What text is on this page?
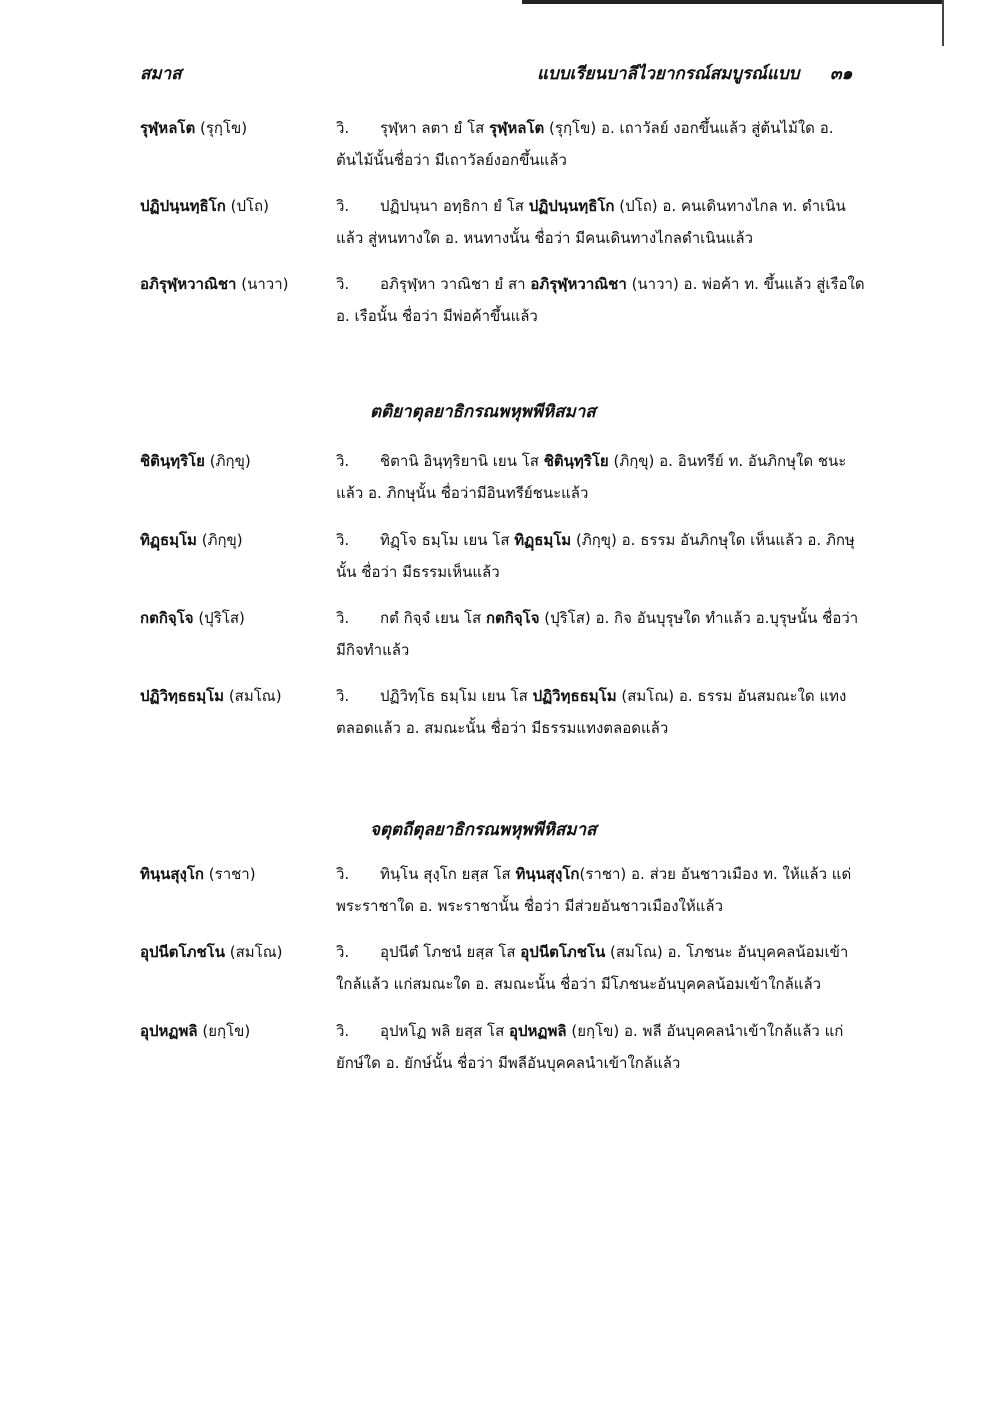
สมาส	แบบเรียนบาลีไวยากรณ์สมบูรณ์แบบ ๓๑
รุฬฺหลโต (รุกฺโข)	วิ. รุฬฺหา ลตา ยํ โส รุฬฺหลโต (รุกฺโข) อ. เถาวัลย์ งอกขึ้นแล้ว สู่ต้นไม้ใด อ. ต้นไม้นั้นชื่อว่า มีเถาวัลย์งอกขึ้นแล้ว
ปฏิปนฺนทฺธิโก (ปโถ)	วิ. ปฏิปนฺนา อทฺธิกา ยํ โส ปฏิปนฺนทฺธิโก (ปโถ) อ. คนเดินทางไกล ท. ดำเนินแล้ว สู่หนทางใด อ. หนทางนั้น ชื่อว่า มีคนเดินทางไกลดำเนินแล้ว
อภิรุฬฺหวาณิชา (นาวา)	วิ. อภิรุฬฺหา วาณิชา ยํ สา อภิรุฬฺหวาณิชา (นาวา) อ. พ่อค้า ท. ขึ้นแล้ว สู่เรือใด อ. เรือนั้น ชื่อว่า มีพ่อค้าขึ้นแล้ว
ตติยาตุลยาธิกรณพหุพพีหิสมาส
ชิตินฺทฺริโย (ภิกฺขุ)	วิ. ชิตานิ อินฺทฺริยานิ เยน โส ชิตินฺทฺริโย (ภิกฺขุ) อ. อินทรีย์ ท. อันภิกษุใด ชนะแล้ว อ. ภิกษุนั้น ชื่อว่ามีอินทรีย์ชนะแล้ว
ทิฏฺธมฺโม (ภิกฺขุ)	วิ. ทิฏฺโจ ธมฺโม เยน โส ทิฏฺธมฺโม (ภิกฺขุ) อ. ธรรม อันภิกษุใด เห็นแล้ว อ. ภิกษุนั้น ชื่อว่า มีธรรมเห็นแล้ว
กตกิจฺโจ (ปุริโส)	วิ. กตํ กิจฺจํ เยน โส กตกิจฺโจ (ปุริโส) อ. กิจ อันบุรุษใด ทำแล้ว อ.บุรุษนั้น ชื่อว่า มีกิจทำแล้ว
ปฏิวิทฺธธมฺโม (สมโณ)	วิ. ปฏิวิทฺโธ ธมฺโม เยน โส ปฏิวิทฺธธมฺโม (สมโณ) อ. ธรรม อันสมณะใด แทงตลอดแล้ว อ. สมณะนั้น ชื่อว่า มีธรรมแทงตลอดแล้ว
จตุตถีตุลยาธิกรณพหุพพีหิสมาส
ทินฺนสุงฺโก (ราชา)	วิ. ทินฺโน สุงฺโก ยสฺส โส ทินฺนสุงฺโก(ราชา) อ. ส่วย อันชาวเมือง ท. ให้แล้ว แด่พระราชาใด อ. พระราชานั้น ชื่อว่า มีส่วยอันชาวเมืองให้แล้ว
อุปนีตโภชโน (สมโณ)	วิ. อุปนีตํ โภชนํ ยสฺส โส อุปนีตโภชโน (สมโณ) อ. โภชนะ อันบุคคลน้อมเข้าใกล้แล้ว แก่สมณะใด อ. สมณะนั้น ชื่อว่า มีโภชนะอันบุคคลน้อมเข้าใกล้แล้ว
อุปหฏพลิ (ยกฺโข)	วิ. อุปหโฏ พลิ ยสฺส โส อุปหฏพลิ (ยกฺโข) อ. พลี อันบุคคลนำเข้าใกล้แล้ว แก่ยักษ์ใด อ. ยักษ์นั้น ชื่อว่า มีพลีอันบุคคลนำเข้าใกล้แล้ว
